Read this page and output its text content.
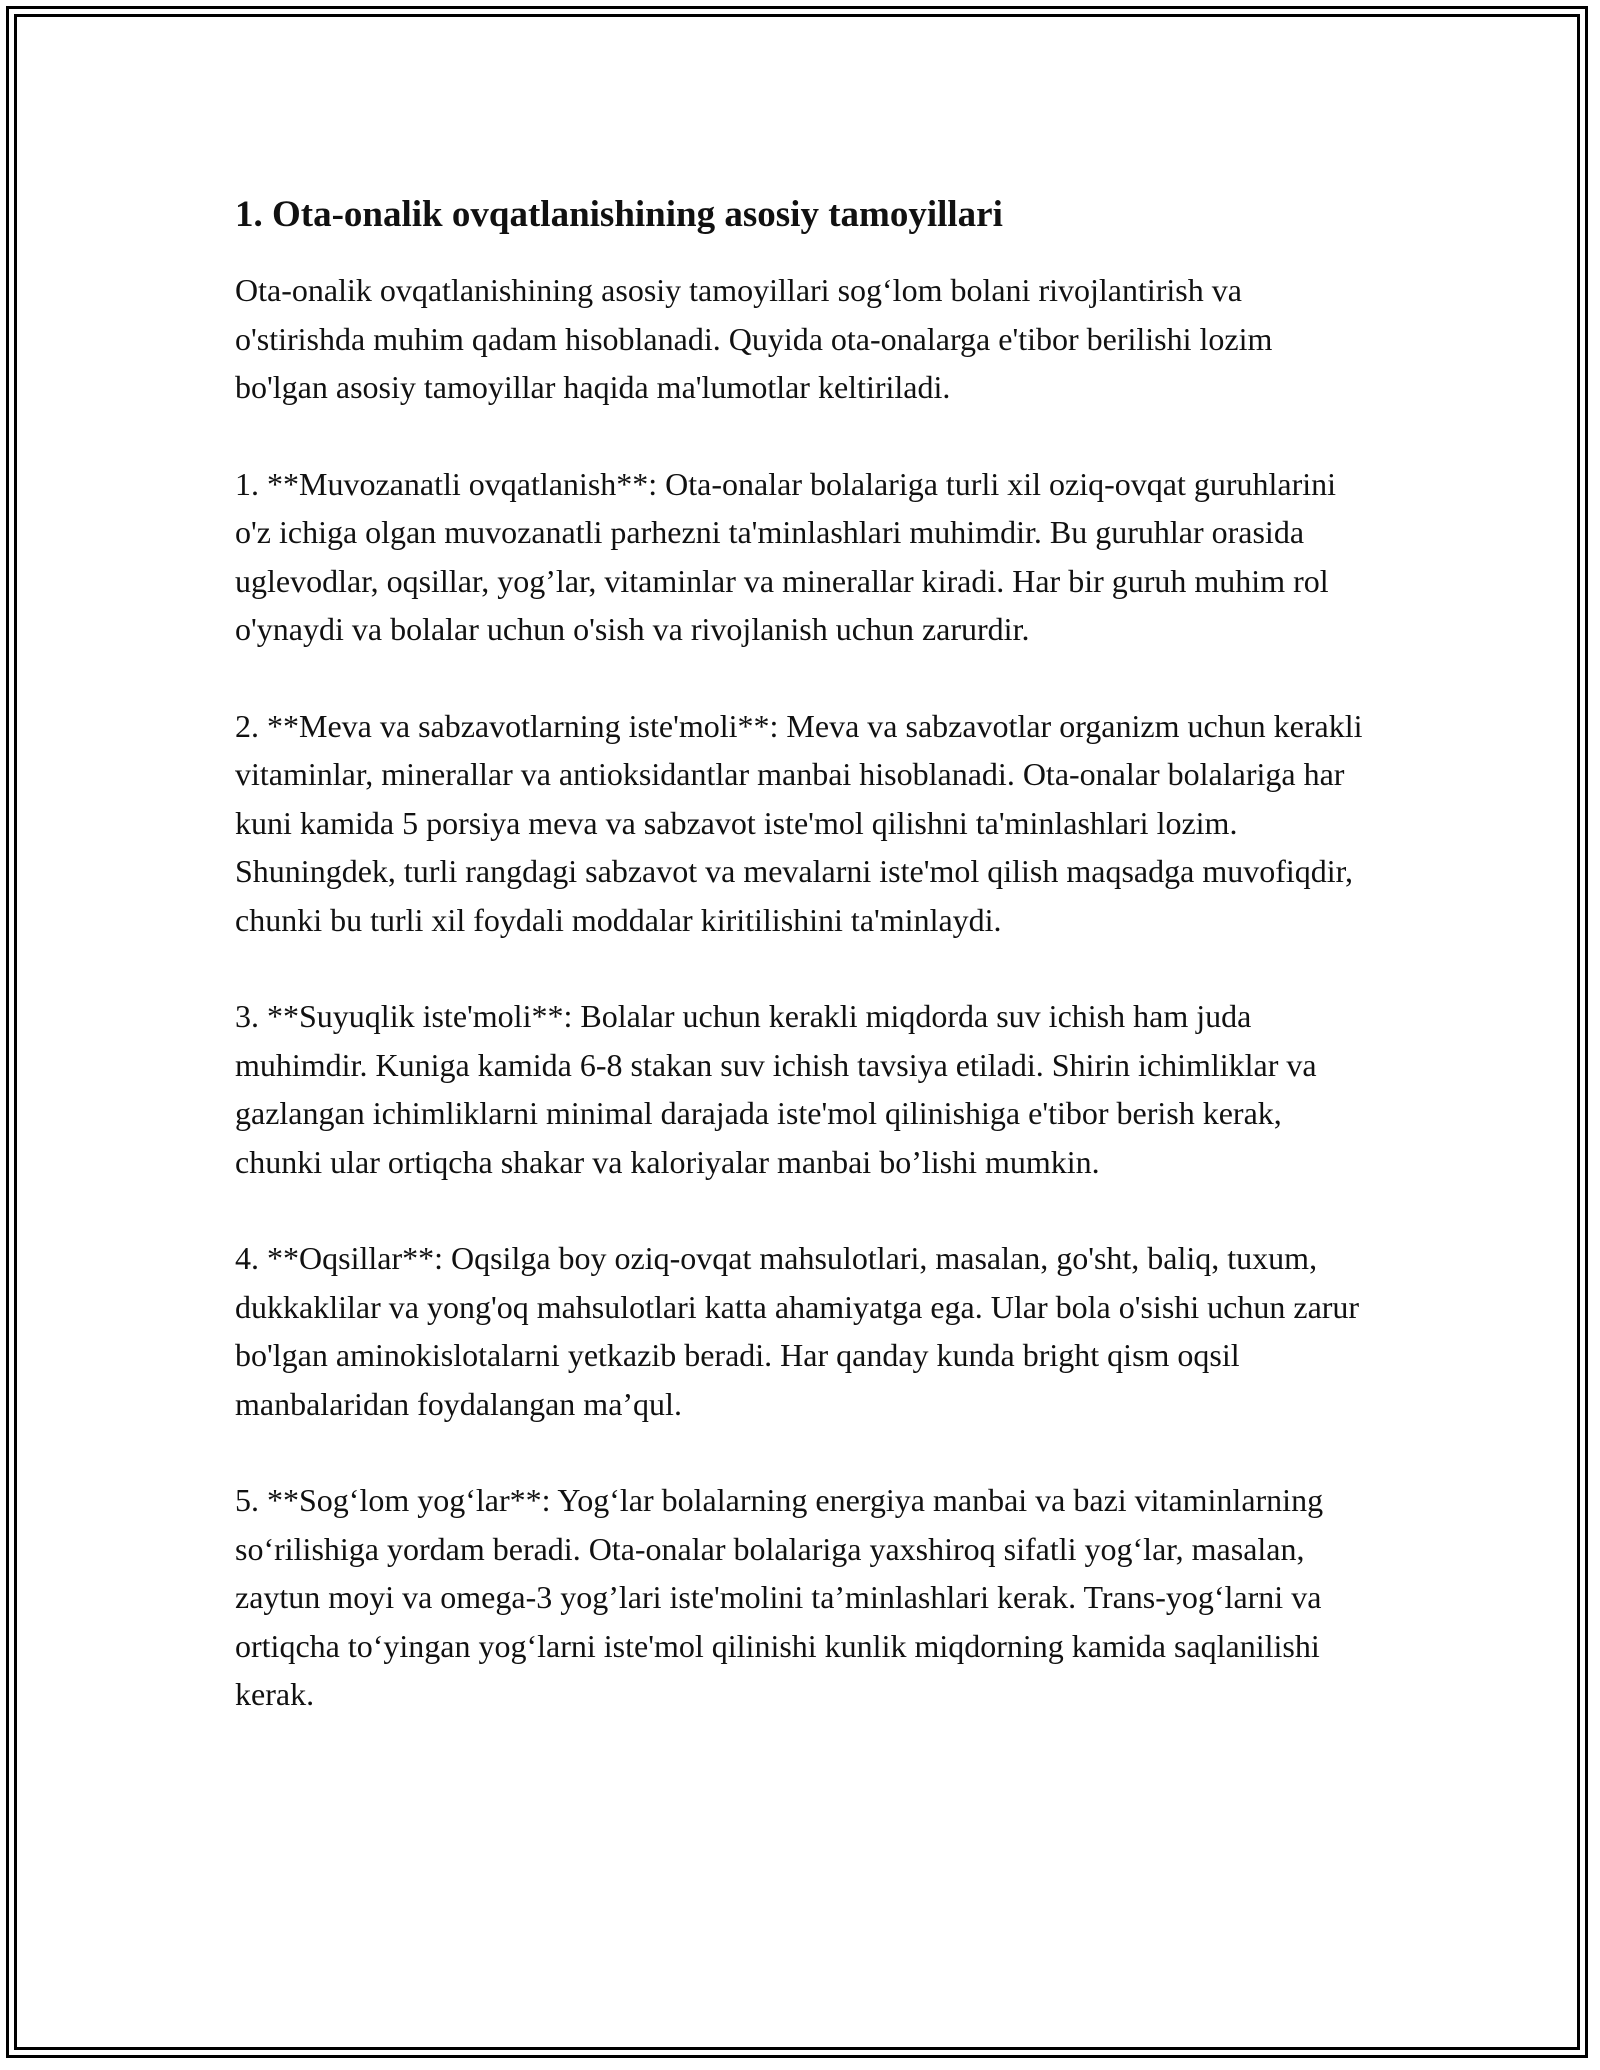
1. Ota-onalik ovqatlanishining asosiy tamoyillari

Ota-onalik ovqatlanishining asosiy tamoyillari sog‘lom bolani rivojlantirish va o'stirishda muhim qadam hisoblanadi. Quyida ota-onalarga e'tibor berilishi lozim bo'lgan asosiy tamoyillar haqida ma'lumotlar keltiriladi.

1. **Muvozanatli ovqatlanish**: Ota-onalar bolalariga turli xil oziq-ovqat guruhlarini o'z ichiga olgan muvozanatli parhezni ta'minlashlari muhimdir. Bu guruhlar orasida uglevodlar, oqsillar, yog’lar, vitaminlar va minerallar kiradi. Har bir guruh muhim rol o'ynaydi va bolalar uchun o'sish va rivojlanish uchun zarurdir.

2. **Meva va sabzavotlarning iste'moli**: Meva va sabzavotlar organizm uchun kerakli vitaminlar, minerallar va antioksidantlar manbai hisoblanadi. Ota-onalar bolalariga har kuni kamida 5 porsiya meva va sabzavot iste'mol qilishni ta'minlashlari lozim. Shuningdek, turli rangdagi sabzavot va mevalarni iste'mol qilish maqsadga muvofiqdir, chunki bu turli xil foydali moddalar kiritilishini ta'minlaydi.

3. **Suyuqlik iste'moli**: Bolalar uchun kerakli miqdorda suv ichish ham juda muhimdir. Kuniga kamida 6-8 stakan suv ichish tavsiya etiladi. Shirin ichimliklar va gazlangan ichimliklarni minimal darajada iste'mol qilinishiga e'tibor berish kerak, chunki ular ortiqcha shakar va kaloriyalar manbai bo’lishi mumkin.

4. **Oqsillar**: Oqsilga boy oziq-ovqat mahsulotlari, masalan, go'sht, baliq, tuxum, dukkaklilar va yong'oq mahsulotlari katta ahamiyatga ega. Ular bola o'sishi uchun zarur bo'lgan aminokislotalarni yetkazib beradi. Har qanday kunda bright qism oqsil manbalaridan foydalangan ma’qul.

5. **Sog‘lom yog‘lar**: Yog‘lar bolalarning energiya manbai va bazi vitaminlarning so‘rilishiga yordam beradi. Ota-onalar bolalariga yaxshiroq sifatli yog‘lar, masalan, zaytun moyi va omega-3 yog’lari iste'molini ta’minlashlari kerak. Trans-yog‘larni va ortiqcha to‘yingan yog‘larni iste'mol qilinishi kunlik miqdorning kamida saqlanilishi kerak.
